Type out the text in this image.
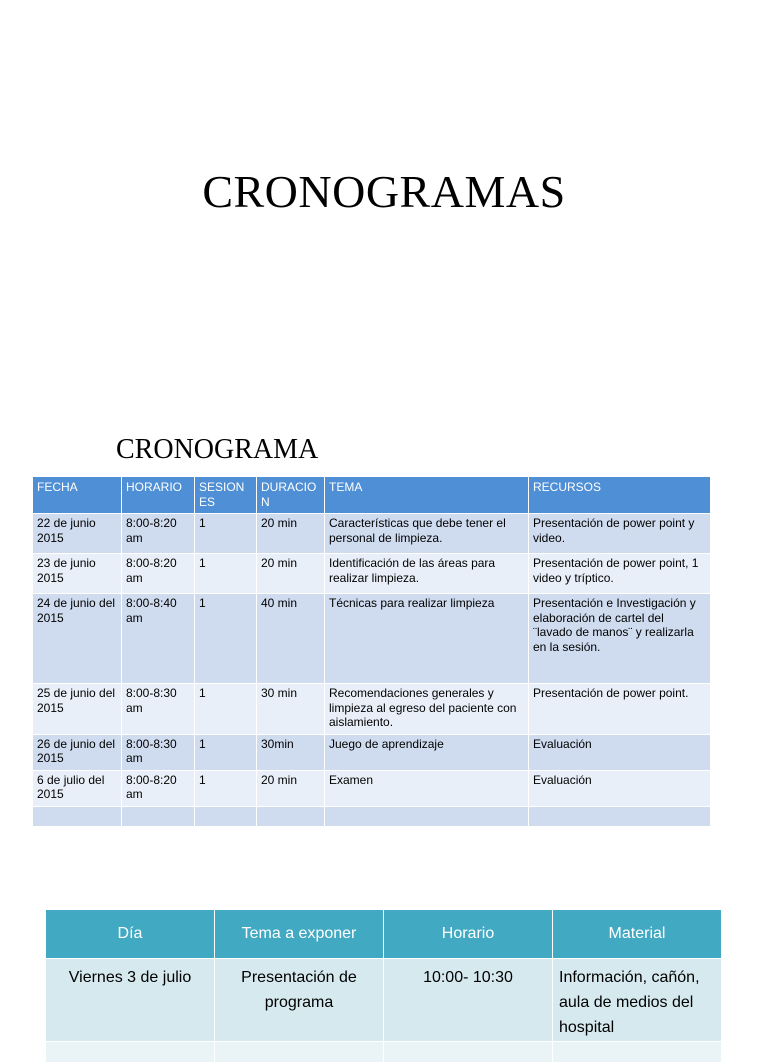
CRONOGRAMAS
CRONOGRAMA
FECHA	HORARIO	SESIONES	DURACION	TEMA	RECURSOS
22 de junio 2015	8:00-8:20 am	1	20 min	Características que debe tener el personal de limpieza.	Presentación de power point y video.
23 de junio 2015	8:00-8:20 am	1	20 min	Identificación de las áreas para realizar limpieza.	Presentación de power point, 1 video y tríptico.
24 de junio del 2015	8:00-8:40 am	1	40 min	Técnicas para realizar limpieza	Presentación e Investigación y elaboración de cartel del ¨lavado de manos¨ y realizarla en la sesión.
25 de junio del 2015	8:00-8:30 am	1	30 min	Recomendaciones generales y limpieza al egreso del paciente con aislamiento.	Presentación de power point.
26 de junio del 2015	8:00-8:30 am	1	30min	Juego de aprendizaje	Evaluación
6 de julio del 2015	8:00-8:20 am	1	20 min	Examen	Evaluación

Día	Tema a exponer	Horario	Material
Viernes 3 de julio	Presentación de programa	10:00- 10:30	Información, cañón, aula de medios del hospital
